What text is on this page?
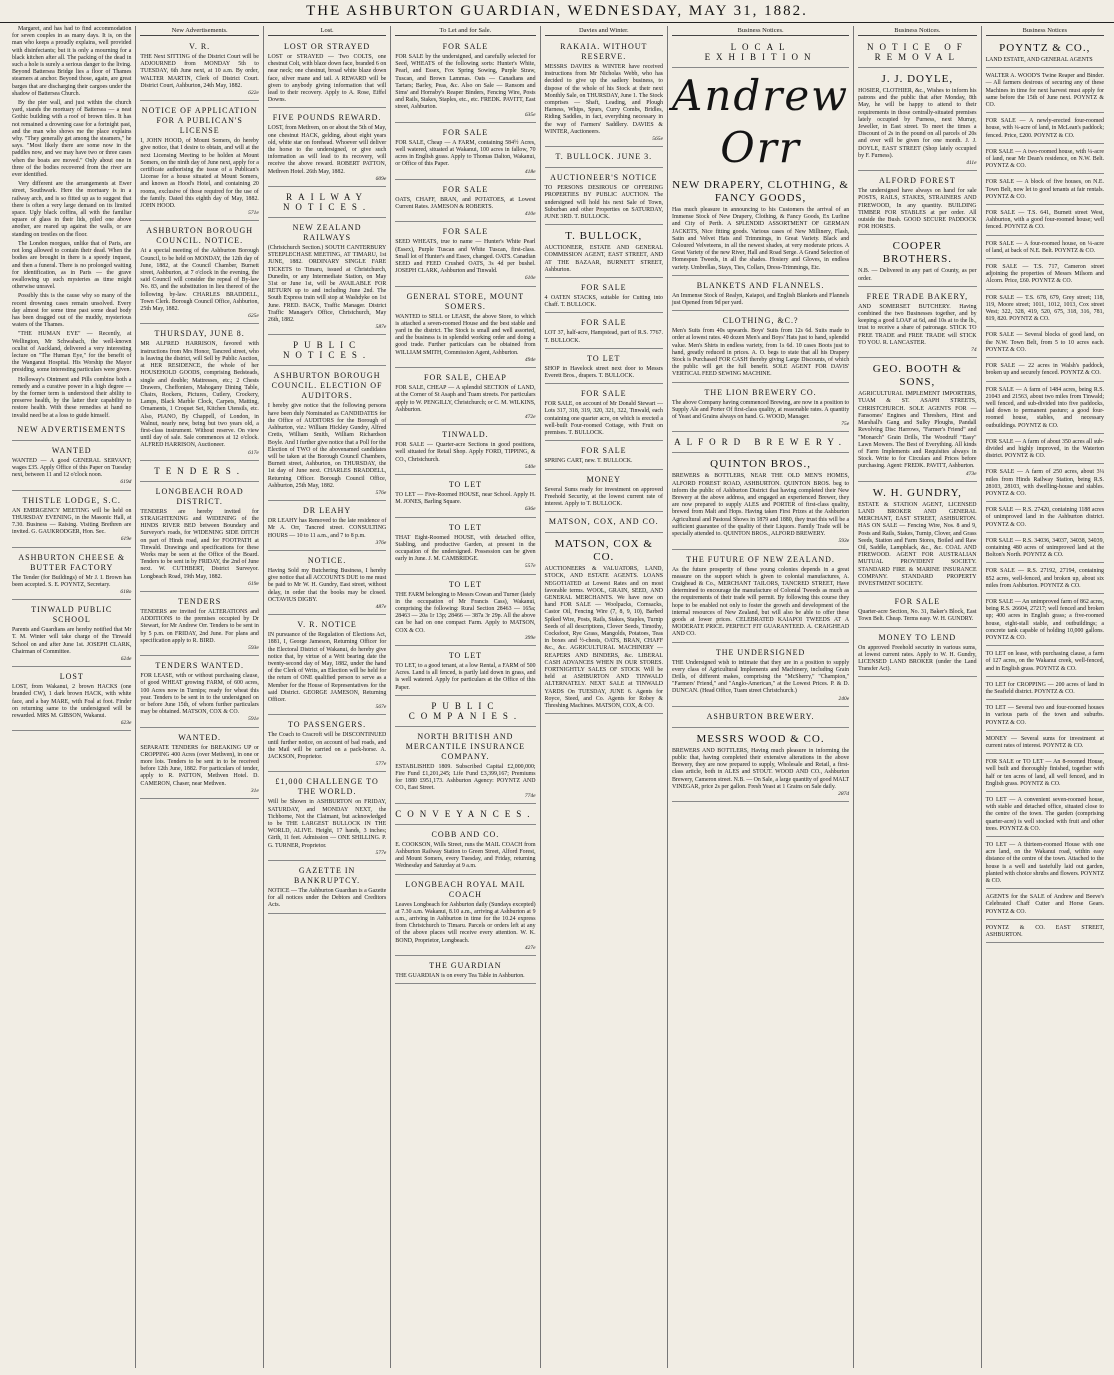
THE ASHBURTON GUARDIAN, WEDNESDAY, MAY 31, 1882.

Margaret, and has had to find accommodation for seven couples in as many days. It is, on the man who keeps a proudly explains, well provided with disinfectants; but it is only a mourning for a black kitchen after all. The packing of the dead in such a hole is surely a serious danger to the living. Beyond Battersea Bridge lies a floor of Thames steamers at anchor. Beyond those, again, are great barges that are discharging their cargoes under the shadow of Battersea Church.

By the pier wall, and just within the church yard, stands the mortuary of Battersea — a neat Gothic building with a roof of brown tiles. It has not remained a drowning case for a fortnight past, and the man who shows me the place explains why. "They generally get among the steamers," he says. "Most likely there are some now in the paddles now, and we may have two or three cases when the boats are moved." Only about one in three of the bodies recovered from the river are ever identified.

Very different are the arrangements at Ewer street, Southwark. Here the mortuary is in a railway arch, and is so fitted up as to suggest that there is often a very large demand on its limited space. Ugly black coffins, all with the familiar square of glass in their lids, piled one above another, are reared up against the walls, or are standing on trestles on the floor.

The London morgues, unlike that of Paris, are not long allowed to contain their dead. When the bodies are brought in there is a speedy inquest, and then a funeral. There is no prolonged waiting for identification, as in Paris — the grave swallowing up such mysteries as time might otherwise unravel.

Possibly this is the cause why so many of the recent drowning cases remain unsolved. Every day almost for some time past some dead body has been dragged out of the muddy, mysterious waters of the Thames.

"THE HUMAN EYE" — Recently, at Wellington, Mr Schwabach, the well-known oculist of Auckland, delivered a very interesting lecture on "The Human Eye," for the benefit of the Wanganui Hospital. His Worship the Mayor presiding, some interesting particulars were given.

Holloway's Ointment and Pills combine both a remedy and a curative power in a high degree — by the former term is understood their ability to preserve health, by the latter their capability to restore health. With these remedies at hand no invalid need be at a loss to guide himself.

NEW ADVERTISEMENTS
WANTED
WANTED — A good GENERAL SERVANT; wages £35. Apply Office of this Paper on Tuesday next, between 11 and 12 o'clock noon.
619d
THISTLE LODGE, S.C.
AN EMERGENCY MEETING will be held on THURSDAY EVENING, in the Masonic Hall, at 7.30. Business — Raising. Visiting Brethren are invited. G. GAUKRODGER, Hon. Sec.
619e
ASHBURTON CHEESE & BUTTER FACTORY
The Tender (for Buildings) of Mr J. I. Brown has been accepted. S. E. POYNTZ, Secretary.
618o
TINWALD PUBLIC SCHOOL
Parents and Guardians are hereby notified that Mr T. M. Winter will take charge of the Tinwald School on and after June 1st. JOSEPH CLARK, Chairman of Committee.
624e
LOST
LOST, from Wakanui, 2 brown HACKS (one branded CW), 1 dark brown HACK, with white face, and a bay MARE, with Foal at foot. Finder on returning same to the undersigned will be rewarded. MRS M. GIBSON, Wakanui.
623e
New Advertisements.
V. R.
THE Next SITTING of the District Court will be ADJOURNED from MONDAY 5th to TUESDAY, 6th June next, at 10 a.m. By order, WALTER MARTIN, Clerk of District Court. District Court, Ashburton, 24th May, 1882.
622e
NOTICE OF APPLICATION FOR A PUBLICAN'S LICENSE
I, JOHN HOOD, of Mount Somers, do hereby give notice, that I desire to obtain, and will at the next Licensing Meeting to be holden at Mount Somers, on the ninth day of June next, apply for a certificate authorising the issue of a Publican's License for a house situated at Mount Somers, and known as Hood's Hotel, and containing 20 rooms, exclusive of those required for the use of the family. Dated this eighth day of May, 1882. JOHN HOOD.
571e
ASHBURTON BOROUGH COUNCIL. NOTICE.
At a special meeting of the Ashburton Borough Council, to be held on MONDAY, the 12th day of June, 1882, at the Council Chamber, Burnett street, Ashburton, at 7 o'clock in the evening, the said Council will consider the repeal of By-law No. 83, and the substitution in lieu thereof of the following by-law. CHARLES BRADDELL, Town Clerk. Borough Council Office, Ashburton, 25th May, 1882.
625e
THURSDAY, JUNE 8.
MR ALFRED HARRISON, favored with instructions from Mrs Honor, Tancred street, who is leaving the district, will Sell by Public Auction, at HER RESIDENCE, the whole of her HOUSEHOLD GOODS, comprising Bedsteads, single and double; Mattresses, etc.; 2 Chests Drawers, Cheffoniers, Mahogany Dining Table, Chairs, Rockers, Pictures, Cutlery, Crockery, Lamps, Black Marble Clock, Carpets, Matting, Ornaments, 1 Croquet Set, Kitchen Utensils, etc. Also, PIANO, By Chappell, of London, in Walnut, nearly new, being but two years old, a first-class instrument. Without reserve. On view until day of sale. Sale commences at 12 o'clock. ALFRED HARRISON, Auctioneer.
617e
TENDERS.
LONGBEACH ROAD DISTRICT.
TENDERS are hereby invited for STRAIGHTENING and WIDENING of the HINDS RIVER BED between Boundary and Surveyor's roads, for WIDENING SIDE DITCH on part of Hinds road, and for FOOTPATH at Tinwald. Drawings and specifications for these Works may be seen at the Office of the Board. Tenders to be sent in by FRIDAY, the 2nd of June next. W. CUTHBERT, District Surveyor. Longbeach Road, 19th May, 1882.
619e
TENDERS
TENDERS are invited for ALTERATIONS and ADDITIONS to the premises occupied by Dr Stewart, for Mr Andrew Orr. Tenders to be sent in by 5 p.m. on FRIDAY, 2nd June. For plans and specification apply to R. BIRD.
593e
TENDERS WANTED.
FOR LEASE, with or without purchasing clause, of good WHEAT growing FARM, of 600 acres, 100 Acres now in Turnips; ready for wheat this year. Tenders to be sent in to the undersigned on or before June 15th, of whom further particulars may be obtained. MATSON, COX & CO.
591e
WANTED.
SEPARATE TENDERS for BREAKING UP or CROPPING 400 Acres (over Methven), in one or more lots. Tenders to be sent in to be received before 12th June, 1882. For particulars of tender, apply to R. PATTON, Methven Hotel. D. CAMERON, Chaser, near Methven.
31e
Lost.
LOST OR STRAYED
LOST or STRAYED — Two COLTS, one chestnut Colt, with blaze down face, branded 6 on near neck; one chestnut, broad white blaze down face, silver mane and tail. A REWARD will be given to anybody giving information that will lead to their recovery. Apply to A. Rose, Eiffel Downs.
FIVE POUNDS REWARD.
LOST, from Methven, on or about the 5th of May, one chestnut HACK, gelding, about eight years old, white star on forehead. Whoever will deliver the horse to the undersigned, or give such information as will lead to its recovery, will receive the above reward. ROBERT PATTON, Methven Hotel. 26th May, 1882.
609e
RAILWAY NOTICES.
NEW ZEALAND RAILWAYS
(Christchurch Section.) SOUTH CANTERBURY STEEPLECHASE MEETING, AT TIMARU, 1st JUNE, 1882. ORDINARY SINGLE FARE TICKETS to Timaru, issued at Christchurch, Dunedin, or any Intermediate Station, on May 31st or June 1st, will be AVAILABLE FOR RETURN up to and including June 2nd. The South Express train will stop at Washdyke on 1st June. FRED. BACK, Traffic Manager. District Traffic Manager's Office, Christchurch, May 26th, 1882.
587e
PUBLIC NOTICES.
ASHBURTON BOROUGH COUNCIL. ELECTION OF AUDITORS.
I hereby give notice that the following persons have been duly Nominated as CANDIDATES for the Office of AUDITORS for the Borough of Ashburton, viz.: William Hickley Gundry, Alfred Cretis, William Smith, William Richardson Boyle. And I further give notice that a Poll for the Election of TWO of the abovenamed candidates will be taken at the Borough Council Chambers, Burnett street, Ashburton, on THURSDAY, the 1st day of June next. CHARLES BRADDELL, Returning Officer. Borough Council Office, Ashburton, 25th May, 1882.
576e
DR LEAHY
DR LEAHY has Removed to the late residence of Mr A. Orr, Tancred street. CONSULTING HOURS — 10 to 11 a.m., and 7 to 8 p.m.
376e
NOTICE.
Having Sold my Butchering Business, I hereby give notice that all ACCOUNTS DUE to me must be paid to Mr W. H. Gundry, East street, without delay, in order that the books may be closed. OCTAVIUS DIGBY.
487e
V. R. NOTICE
IN pursuance of the Regulation of Elections Act, 1881, I, George Jameson, Returning Officer for the Electoral District of Wakanui, do hereby give notice that, by virtue of a Writ bearing date the twenty-second day of May, 1882, under the hand of the Clerk of Writs, an Election will be held for the return of ONE qualified person to serve as a Member for the House of Representatives for the said District. GEORGE JAMESON, Returning Officer.
567e
TO PASSENGERS.
The Coach to Cracroft will be DISCONTINUED until further notice, on account of bad roads, and the Mail will be carried on a pack-horse. A. JACKSON, Proprietor.
577e
£1,000 CHALLENGE TO THE WORLD.
Will be Shown in ASHBURTON on FRIDAY, SATURDAY, and MONDAY NEXT, the Tichborne, Not the Claimant, but acknowledged to be THE LARGEST BULLOCK IN THE WORLD, ALIVE. Height, 17 hands, 3 inches; Girth, 11 feet. Admission — ONE SHILLING. P. G. TURNER, Proprietor.
577e
GAZETTE IN BANKRUPTCY.
NOTICE — The Ashburton Guardian is a Gazette for all notices under the Debtors and Creditors Acts.
To Let and for Sale.
FOR SALE
FOR SALE by the undersigned, and carefully selected for Seed, WHEATS of the following sorts: Hunter's White, Pearl, and Essex, Fox Spring Sowing, Purple Straw, Tuscan, and Brown Lammas. Oats — Canadians and Tartars; Barley, Peas, &c. Also on Sale — Ransom and Sims' and Hornsby's Reaper Binders, Fencing Wire, Posts and Rails, Stakes, Staples, etc., etc. FREDK. PAVITT, East street, Ashburton.
635e
FOR SALE
FOR SALE, Cheap — A FARM, containing 584½ Acres, well watered, situated at Wakanui, 100 acres in fallow, 70 acres in English grass. Apply to Thomas Dalton, Wakanui, or Office of this Paper.
418e
FOR SALE
OATS, CHAFF, BRAN, and POTATOES, at Lowest Current Rates. JAMESON & ROBERTS.
410e
FOR SALE
SEED WHEATS, true to name — Hunter's White Pearl (Essex), Purple Tuscan and White Tuscan, first-class. Small lot of Hunter's and Essex, changed. OATS. Canadian SEED and FEED Crushed OATS, 3s 4d per bushel. JOSEPH CLARK, Ashburton and Tinwald.
610e
GENERAL STORE, MOUNT SOMERS.
WANTED to SELL or LEASE, the above Store, to which is attached a seven-roomed House and the best stable and yard in the district. The Stock is small and well assorted, and the business is in splendid working order and doing a good trade. Further particulars can be obtained from WILLIAM SMITH, Commission Agent, Ashburton.
494e
FOR SALE, CHEAP
FOR SALE, CHEAP — A splendid SECTION of LAND, at the Corner of St Asaph and Tuam streets. For particulars apply to W. PENGILLY, Christchurch; or C. M. WILKINS, Ashburton.
472e
TINWALD.
FOR SALE — Quarter-acre Sections in good positions, well situated for Retail Shop. Apply FORD, TIPPING, & CO., Christchurch.
540e
TO LET
TO LET — Five-Roomed HOUSE, near School. Apply H. M. JONES, Barling Square.
636e
TO LET
THAT Eight-Roomed HOUSE, with detached office, Stabling, and productive Garden, at present in the occupation of the undersigned. Possession can be given early in June. J. M. CAMBRIDGE.
557e
TO LET
THE FARM belonging to Messrs Cowan and Turner (lately in the occupation of Mr Francis Cass), Wakanui, comprising the following: Rural Section 28463 — 165a; 28463 — 20a 1r 13p; 28466 — 387a 3r 29p. All the above can be had on one compact Farm. Apply to MATSON, COX & CO.
399e
TO LET
TO LET, to a good tenant, at a low Rental, a FARM of 500 Acres. Land is all fenced, is partly laid down in grass, and is well watered. Apply for particulars at the Office of this Paper.
PUBLIC COMPANIES.
NORTH BRITISH AND MERCANTILE INSURANCE COMPANY.
ESTABLISHED 1809. Subscribed Capital £2,000,000; Fire Fund £1,201,245; Life Fund £3,399,167; Premiums for 1880 £951,173. Ashburton Agency: POYNTZ AND CO., East Street.
774e
CONVEYANCES.
COBB AND CO.
E. COOKSON, Wills Street, runs the MAIL COACH from Ashburton Railway Station to Green Street, Alford Forest, and Mount Somers, every Tuesday, and Friday, returning Wednesday and Saturday at 9 a.m.
LONGBEACH ROYAL MAIL COACH
Leaves Longbeach for Ashburton daily (Sundays excepted) at 7.30 a.m. Wakanui, 8.10 a.m., arriving at Ashburton at 9 a.m., arriving in Ashburton in time for the 10.24 express from Christchurch to Timaru. Parcels or orders left at any of the above places will receive every attention. W. K. BOND, Proprietor, Longbeach.
427e
THE GUARDIAN
THE GUARDIAN is on every Tea Table in Ashburton.
Davies and Winter.
RAKAIA. WITHOUT RESERVE.
MESSRS DAVIES & WINTER have received instructions from Mr Nicholas Webb, who has decided to give up the sadlery business, to dispose of the whole of his Stock at their next Monthly Sale, on THURSDAY, June 1. The Stock comprises — Shaft, Leading, and Plough Harness, Whips, Spurs, Curry Combs, Bridles, Riding Saddles, in fact, everything necessary in the way of Farmers' Saddlery. DAVIES & WINTER, Auctioneers.
565e
T. BULLOCK. JUNE 3.
AUCTIONEER'S NOTICE
TO PERSONS DESIROUS OF OFFERING PROPERTIES BY PUBLIC AUCTION. The undersigned will hold his next Sale of Town, Suburban and other Properties on SATURDAY, JUNE 3RD. T. BULLOCK.
T. BULLOCK,
AUCTIONEER, ESTATE AND GENERAL COMMISSION AGENT, EAST STREET, AND AT THE BAZAAR, BURNETT STREET, Ashburton.
FOR SALE
4 OATEN STACKS, suitable for Cutting into Chaff. T. BULLOCK.
FOR SALE
LOT 37, half-acre, Hampstead, part of R.S. 7767. T. BULLOCK.
TO LET
SHOP in Havelock street next door to Messrs Everett Bros., drapers. T. BULLOCK.
FOR SALE
FOR SALE, on account of Mr Donald Stewart — Lots 317, 318, 319, 320, 321, 322, Tinwald, each containing one quarter acre, on which is erected a well-built Four-roomed Cottage, with Fruit on premises. T. BULLOCK.
FOR SALE
SPRING CART, new. T. BULLOCK.
MONEY
Several Sums ready for investment on approved Freehold Security, at the lowest current rate of interest. Apply to T. BULLOCK.
MATSON, COX, AND CO.
MATSON, COX & CO.
AUCTIONEERS & VALUATORS, LAND, STOCK, AND ESTATE AGENTS. LOANS NEGOTIATED at Lowest Rates and on most favorable terms. WOOL, GRAIN, SEED, AND GENERAL MERCHANTS. We have now on hand FOR SALE — Woolpacks, Cornsacks, Castor Oil, Fencing Wire (7, 8, 9, 10), Barbed Spiked Wire, Posts, Rails, Stakes, Staples, Turnip Seeds of all descriptions, Clover Seeds, Timothy, Cocksfoot, Rye Grass, Mangolds, Potatoes, Teas in boxes and ½-chests, OATS, BRAN, CHAFF &c., &c. AGRICULTURAL MACHINERY — REAPERS AND BINDERS, &c. LIBERAL CASH ADVANCES WHEN IN OUR STORES. FORTNIGHTLY SALES OF STOCK Will be held at ASHBURTON AND TINWALD ALTERNATELY. NEXT SALE at TINWALD YARDS On TUESDAY, JUNE 6. Agents for Royce, Steed, and Co. Agents for Robey & Threshing Machines. MATSON, COX, & CO.
Business Notices.
LOCAL EXHIBITION
Andrew Orr
NEW DRAPERY, CLOTHING, & FANCY GOODS,
Has much pleasure in announcing to his Customers the arrival of an Immense Stock of New Drapery, Clothing, & Fancy Goods, Ex Lurline and City of Perth. A SPLENDID ASSORTMENT OF GERMAN JACKETS, Nice fitting goods. Various cases of New Millinery, Flash, Satin and Velvet Hats and Trimmings, in Great Variety. Black and Coloured Velveteens, in all the newest shades, at very moderate prices. A Great Variety of the new River, Hall and Road Serge. A Grand Selection of Homespun Tweeds, in all the shades. Hosiery and Gloves, in endless variety. Umbrellas, Stays, Ties, Collars, Dress-Trimmings, Etc.
BLANKETS AND FLANNELS.
An Immense Stock of Realyn, Kaiapoi, and English Blankets and Flannels just Opened from 9d per yard.
CLOTHING, &C.?
Men's Suits from 40s upwards. Boys' Suits from 12s 6d. Suits made to order at lowest rates. 40 dozen Men's and Boys' Hats just to hand, splendid value. Men's Shirts in endless variety, from 1s 6d. 10 cases Boots just to hand, greatly reduced in prices. A. O. begs to state that all his Drapery Stock is Purchased FOR CASH thereby giving Large Discounts, of which the public will get the full benefit. SOLE AGENT FOR DAVIS' VERTICAL FEED SEWING MACHINE.
THE LION BREWERY CO.
The above Company having commenced Brewing, are now in a position to Supply Ale and Porter Of first-class quality, at reasonable rates. A quantity of Yeast and Grains always on hand. G. WOOD, Manager.
75e
ALFORD BREWERY.
QUINTON BROS.,
BREWERS & BOTTLERS, NEAR THE OLD MEN'S HOMES, ALFORD FOREST ROAD, ASHBURTON. QUINTON BROS. beg to inform the public of Ashburton District that having completed their New Brewery at the above address, and engaged an experienced Brewer, they are now prepared to supply ALES and PORTER of first-class quality, brewed from Malt and Hops. Having taken First Prizes at the Ashburton Agricultural and Pastoral Shows in 1879 and 1880, they trust this will be a sufficient guarantee of the quality of their Liquors. Family Trade will be specially attended to. QUINTON BROS., ALFORD BREWERY.
593e
THE FUTURE OF NEW ZEALAND.
As the future prosperity of these young colonies depends in a great measure on the support which is given to colonial manufactures, A. Craighead & Co., MERCHANT TAILORS, TANCRED STREET, Have determined to encourage the manufacture of Colonial Tweeds as much as the requirements of their trade will permit. By following this course they hope to be enabled not only to foster the growth and development of the internal resources of New Zealand, but will also be able to offer these goods at lower prices. CELEBRATED KAIAPOI TWEEDS AT A MODERATE PRICE. PERFECT FIT GUARANTEED. A. CRAIGHEAD AND CO.
THE UNDERSIGNED
THE Undersigned wish to intimate that they are in a position to supply every class of Agricultural Implements and Machinery, including Grain Drills, of different makes, comprising the "McSherry," "Champion," "Farmers' Friend," and "Anglo-American," at the Lowest Prices. P. & D. DUNCAN. (Head Office, Tuam street Christchurch.)
240e
ASHBURTON BREWERY.
MESSRS WOOD & CO.
BREWERS AND BOTTLERS, Having much pleasure in informing the public that, having completed their extensive alterations in the above Brewery, they are now prepared to supply, Wholesale and Retail, a first-class article, both in ALES and STOUT. WOOD AND CO., Ashburton Brewery, Cameron street. N.B. — On Sale, a large quantity of good MALT VINEGAR, price 2s per gallon. Fresh Yeast at 1 Grains on Sale daily.
287d
Business Notices.
NOTICE OF REMOVAL
J. J. DOYLE,
HOSIER, CLOTHIER, &c., Wishes to inform his patrons and the public that after Monday, 8th May, he will be happy to attend to their requirements in those centrally-situated premises lately occupied by Furness, next Murray, Jeweller, in East street. To meet the times a Discount of 2s in the pound on all parcels of 20s and over will be given for one month. J. J. DOYLE, EAST STREET (Shop lately occupied by F. Furness).
411e
ALFORD FOREST
The undersigned have always on hand for sale POSTS, RAILS, STAKES, STRAINERS AND FIREWOOD, In any quantity. BUILDING TIMBER FOR STABLES at per order. All outside the Bush. GOOD SECURE PADDOCK FOR HORSES.
COOPER BROTHERS.
N.B. — Delivered in any part of County, as per order.
FREE TRADE BAKERY,
AND SOMERSET BUTCHERY. Having combined the two Businesses together, and by keeping a good LOAF at 6d, and 10s at to the lb., trust to receive a share of patronage. STICK TO FREE TRADE and FREE TRADE will STICK TO YOU. R. LANCASTER.
74
GEO. BOOTH & SONS,
AGRICULTURAL IMPLEMENT IMPORTERS, TUAM & ST. ASAPH STREETS, CHRISTCHURCH. SOLE AGENTS FOR — Fansomes' Engines and Threshers, Hirst and Marshall's Gang and Sulky Ploughs, Pandall Revolving Disc Harrows, "Farmer's Friend" and "Monarch" Grain Drills, The Woodruff "Easy" Lawn Mowers. The Best of Everything. All kinds of Farm Implements and Requisites always in Stock. Write to for Circulars and Prices before purchasing. Agent: FREDK. PAVITT, Ashburton.
473e
W. H. GUNDRY,
ESTATE & STATION AGENT, LICENSED LAND BROKER AND GENERAL MERCHANT, EAST STREET, ASHBURTON. HAS ON SALE — Fencing Wire, Nos. 8 and 9, Posts and Rails, Stakes, Turnip, Clover, and Grass Seeds, Station and Farm Stores, Boiled and Raw Oil, Saddle, Lampblack, &c., &c. COAL AND FIREWOOD. AGENT FOR AUSTRALIAN MUTUAL PROVIDENT SOCIETY. STANDARD FIRE & MARINE INSURANCE COMPANY. STANDARD PROPERTY INVESTMENT SOCIETY.
FOR SALE
Quarter-acre Section, No. 31, Baker's Block, East Town Belt. Cheap. Terms easy. W. H. GUNDRY.
MONEY TO LEND
On approved Freehold security in various sums, at lowest current rates. Apply to W. H. Gundry, LICENSED LAND BROKER (under the Land Transfer Act).
Business Notices
POYNTZ & CO.,
LAND ESTATE, AND GENERAL AGENTS
WALTER A. WOOD'S Twine Reaper and Binder. — All farmers desirous of securing any of these Machines in time for next harvest must apply for same before the 15th of June next. POYNTZ & CO.
FOR SALE — A newly-erected four-roomed house, with ¼-acre of land, in McLean's paddock; fenced. Price, £200. POYNTZ & CO.
FOR SALE — A two-roomed house, with ¼-acre of land, near Mr Dean's residence, on N.W. Belt. POYNTZ & CO.
FOR SALE — A block of five houses, on N.E. Town Belt, now let to good tenants at fair rentals. POYNTZ & CO.
FOR SALE — T.S. 641, Burnett street West, Ashburton, with a good four-roomed house; well fenced. POYNTZ & CO.
FOR SALE — A four-roomed house, on ¼-acre of land, at back of N.E. Belt. POYNTZ & CO.
FOR SALE — T.S. 717, Cameron street adjoining the properties of Messrs Milsom and Alcorn. Price, £60. POYNTZ & CO.
FOR SALE — T.S. 678, 679, Grey street; 118, 119, Moore street; 1011, 1012, 1013, Cox street West; 322, 328, 419, 520, 675, 318, 316, 781, 819, 820. POYNTZ & CO.
FOR SALE — Several blocks of good land, on the N.W. Town Belt, from 5 to 10 acres each. POYNTZ & CO.
FOR SALE — 22 acres in Walsh's paddock, broken up and securely fenced. POYNTZ & CO.
FOR SALE — A farm of 1484 acres, being R.S. 21043 and 21563, about two miles from Tinwald; well fenced, and sub-divided into five paddocks, laid down to permanent pasture; a good four-roomed house, stables, and necessary outbuildings. POYNTZ & CO.
FOR SALE — A farm of about 350 acres all sub-divided and highly improved, in the Waterton district. POYNTZ & CO.
FOR SALE — A farm of 250 acres, about 3¼ miles from Hinds Railway Station, being R.S. 28103, 28103, with dwelling-house and stables. POYNTZ & CO.
FOR SALE — R.S. 27420, containing 1188 acres of unimproved land in the Ashburton district. POYNTZ & CO.
FOR SALE — R.S. 34036, 34037, 34038, 34039, containing 480 acres of unimproved land at the Bolton's North. POYNTZ & CO.
FOR SALE — R.S. 27192, 27194, containing 852 acres, well-fenced, and broken up, about six miles from Ashburton. POYNTZ & CO.
FOR SALE — An unimproved farm of 862 acres, being R.S. 26604, 27217; well fenced and broken up; 400 acres in English grass; a five-roomed house, eight-stall stable, and outbuildings; a concrete tank capable of holding 10,000 gallons. POYNTZ & CO.
TO LET on lease, with purchasing clause, a farm of 127 acres, on the Wakanui creek, well-fenced, and in English grass. POYNTZ & CO.
TO LET for CROPPING — 200 acres of land in the Seafield district. POYNTZ & CO.
TO LET — Several two and four-roomed houses in various parts of the town and suburbs. POYNTZ & CO.
MONEY — Several sums for investment at current rates of interest. POYNTZ & CO.
FOR SALE or TO LET — An 8-roomed House, well built and thoroughly finished, together with half or ten acres of land, all well fenced, and in English grass. POYNTZ & CO.
TO LET — A convenient seven-roomed house, with stable and detached office, situated close to the centre of the town. The garden (comprising quarter-acre) is well stocked with fruit and other trees. POYNTZ & CO.
TO LET — A thirteen-roomed House with one acre land, on the Wakanui road, within easy distance of the centre of the town. Attached to the house is a well and tastefully laid out garden, planted with choice shrubs and flowers. POYNTZ & CO.
AGENTS for the SALE of Andrew and Beeve's Celebrated Chaff Cutter and Horse Gears. POYNTZ & CO.
POYNTZ & CO. EAST STREET, ASHBURTON.
